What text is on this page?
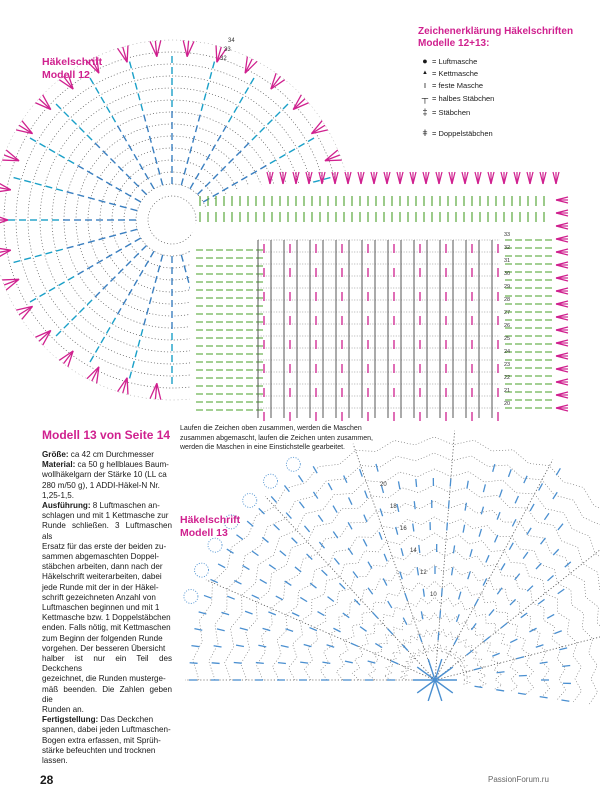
34
33
32
33
32
31
30
29
28
27
26
25
24
23
22
21
20
20
18
16
14
12
10
Häkelschrift
Modell 12
Zeichenerklärung Häkelschriften
Modelle 12+13:
● = Luftmasche
▲ = Kettmasche
ı = feste Masche
┬ = halbes Stäbchen
‡ = Stäbchen
ǂ = Doppelstäbchen
Laufen die Zeichen oben zusammen, werden die Maschen
zusammen abgemascht, laufen die Zeichen unten zusammen,
werden die Maschen in eine Einstichstelle gearbeitet.
Modell 13 von Seite 14
Größe: ca 42 cm Durchmesser
Material: ca 50 g hellblaues Baum-
wollhäkelgarn der Stärke 10 (LL ca
280 m/50 g), 1 ADDI-Häkel-N Nr.
1,25-1,5.
Ausführung: 8 Luftmaschen an-
schlagen und mit 1 Kettmasche zur
Runde schließen. 3 Luftmaschen als
Ersatz für das erste der beiden zu-
sammen abgemaschten Doppel-
stäbchen arbeiten, dann nach der
Häkelschrift weiterarbeiten, dabei
jede Runde mit der in der Häkel-
schrift gezeichneten Anzahl von
Luftmaschen beginnen und mit 1
Kettmasche bzw. 1 Doppelstäbchen
enden. Falls nötig, mit Kettmaschen
zum Beginn der folgenden Runde
vorgehen. Der besseren Übersicht
halber ist nur ein Teil des Deckchens
gezeichnet, die Runden musterge-
mäß beenden. Die Zahlen geben die
Runden an.
Fertigstellung: Das Deckchen
spannen, dabei jeden Luftmaschen-
Bogen extra erfassen, mit Sprüh-
stärke befeuchten und trocknen
lassen.
Häkelschrift
Modell 13
28	PassionForum.ru
